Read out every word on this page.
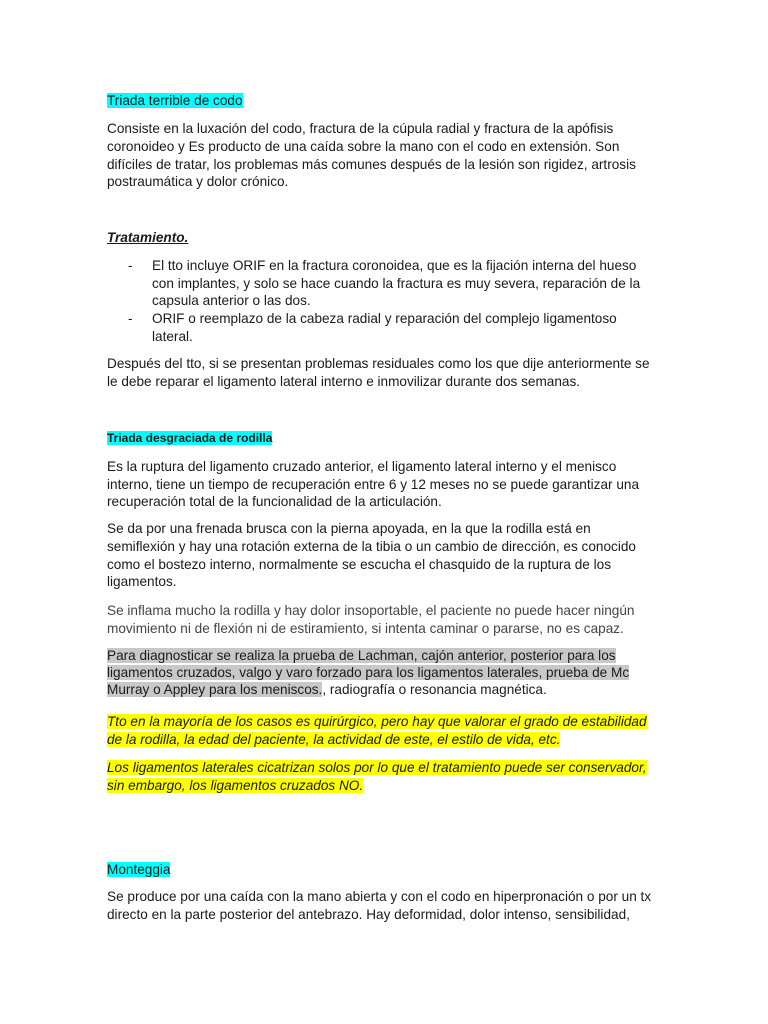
Triada terrible de codo

Consiste en la luxación del codo, fractura de la cúpula radial y fractura de la apófisis

coronoideo y Es producto de una caída sobre la mano con el codo en extensión. Son

difíciles de tratar, los problemas más comunes después de la lesión son rigidez, artrosis

postraumática y dolor crónico.

Tratamiento.

- El tto incluye ORIF en la fractura coronoidea, que es la fijación interna del hueso

con implantes, y solo se hace cuando la fractura es muy severa, reparación de la

capsula anterior o las dos.

- ORIF o reemplazo de la cabeza radial y reparación del complejo ligamentoso

lateral.

Después del tto, si se presentan problemas residuales como los que dije anteriormente se

le debe reparar el ligamento lateral interno e inmovilizar durante dos semanas.

Triada desgraciada de rodilla

Es la ruptura del ligamento cruzado anterior, el ligamento lateral interno y el menisco

interno, tiene un tiempo de recuperación entre 6 y 12 meses no se puede garantizar una

recuperación total de la funcionalidad de la articulación.

Se da por una frenada brusca con la pierna apoyada, en la que la rodilla está en

semiflexión y hay una rotación externa de la tibia o un cambio de dirección, es conocido

como el bostezo interno, normalmente se escucha el chasquido de la ruptura de los

ligamentos.

Se inflama mucho la rodilla y hay dolor insoportable, el paciente no puede hacer ningún

movimiento ni de flexión ni de estiramiento, si intenta caminar o pararse, no es capaz.

Para diagnosticar se realiza la prueba de Lachman, cajón anterior, posterior para los

ligamentos cruzados, valgo y varo forzado para los ligamentos laterales, prueba de Mc

Murray o Appley para los meniscos., radiografía o resonancia magnética.

Tto en la mayoría de los casos es quirúrgico, pero hay que valorar el grado de estabilidad

de la rodilla, la edad del paciente, la actividad de este, el estilo de vida, etc.

Los ligamentos laterales cicatrizan solos por lo que el tratamiento puede ser conservador,

sin embargo, los ligamentos cruzados NO.

Monteggia

Se produce por una caída con la mano abierta y con el codo en hiperpronación o por un tx

directo en la parte posterior del antebrazo. Hay deformidad, dolor intenso, sensibilidad,
